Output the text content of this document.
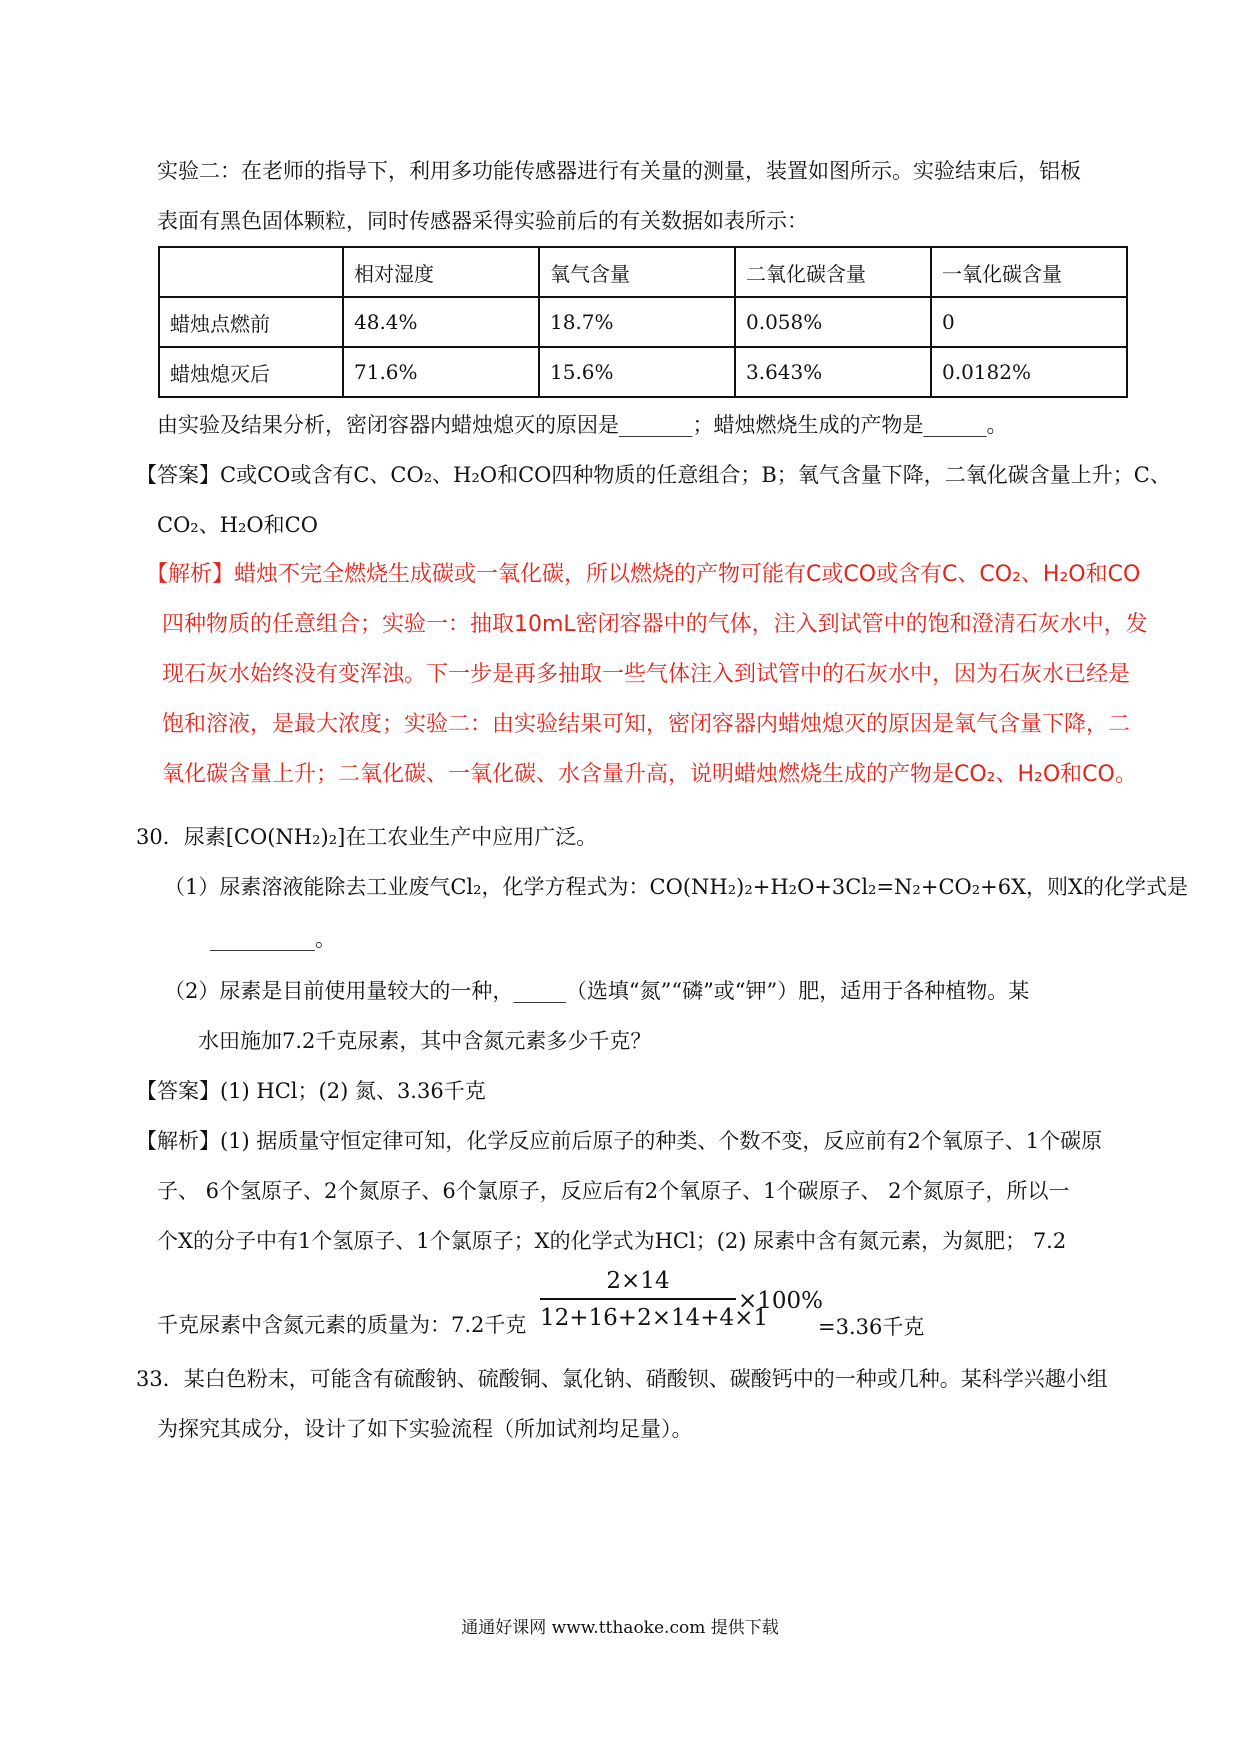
实验二：在老师的指导下，利用多功能传感器进行有关量的测量，装置如图所示。实验结束后，铝板
表面有黑色固体颗粒，同时传感器采得实验前后的有关数据如表所示：
	相对湿度	氧气含量	二氧化碳含量	一氧化碳含量
蜡烛点燃前	48.4%	18.7%	0.058%	0
蜡烛熄灭后	71.6%	15.6%	3.643%	0.0182%
由实验及结果分析，密闭容器内蜡烛熄灭的原因是_______；蜡烛燃烧生成的产物是______。
【答案】C或CO或含有C、CO₂、H₂O和CO四种物质的任意组合；B；氧气含量下降，二氧化碳含量上升；C、
CO₂、H₂O和CO
【解析】蜡烛不完全燃烧生成碳或一氧化碳，所以燃烧的产物可能有C或CO或含有C、CO₂、H₂O和CO
四种物质的任意组合；实验一：抽取10mL密闭容器中的气体，注入到试管中的饱和澄清石灰水中，发
现石灰水始终没有变浑浊。下一步是再多抽取一些气体注入到试管中的石灰水中，因为石灰水已经是
饱和溶液，是最大浓度；实验二：由实验结果可知，密闭容器内蜡烛熄灭的原因是氧气含量下降，二
氧化碳含量上升；二氧化碳、一氧化碳、水含量升高，说明蜡烛燃烧生成的产物是CO₂、H₂O和CO。
30．尿素[CO(NH₂)₂]在工农业生产中应用广泛。
（1）尿素溶液能除去工业废气Cl₂，化学方程式为：CO(NH₂)₂+H₂O+3Cl₂=N₂+CO₂+6X，则X的化学式是
__________。
（2）尿素是目前使用量较大的一种，_____（选填“氮”“磷”或“钾”）肥，适用于各种植物。某
水田施加7.2千克尿素，其中含氮元素多少千克？
【答案】(1) HCl；(2) 氮、3.36千克
【解析】(1) 据质量守恒定律可知，化学反应前后原子的种类、个数不变，反应前有2个氧原子、1个碳原
子、 6个氢原子、2个氮原子、6个氯原子，反应后有2个氧原子、1个碳原子、 2个氮原子，所以一
个X的分子中有1个氢原子、1个氯原子；X的化学式为HCl；(2) 尿素中含有氮元素，为氮肥； 7.2
千克尿素中含氮元素的质量为：7.2千克
2×14
12+16+2×14+4×1
×100%
=3.36千克
33．某白色粉末，可能含有硫酸钠、硫酸铜、氯化钠、硝酸钡、碳酸钙中的一种或几种。某科学兴趣小组
为探究其成分，设计了如下实验流程（所加试剂均足量）。
通通好课网 www.tthaoke.com 提供下载
